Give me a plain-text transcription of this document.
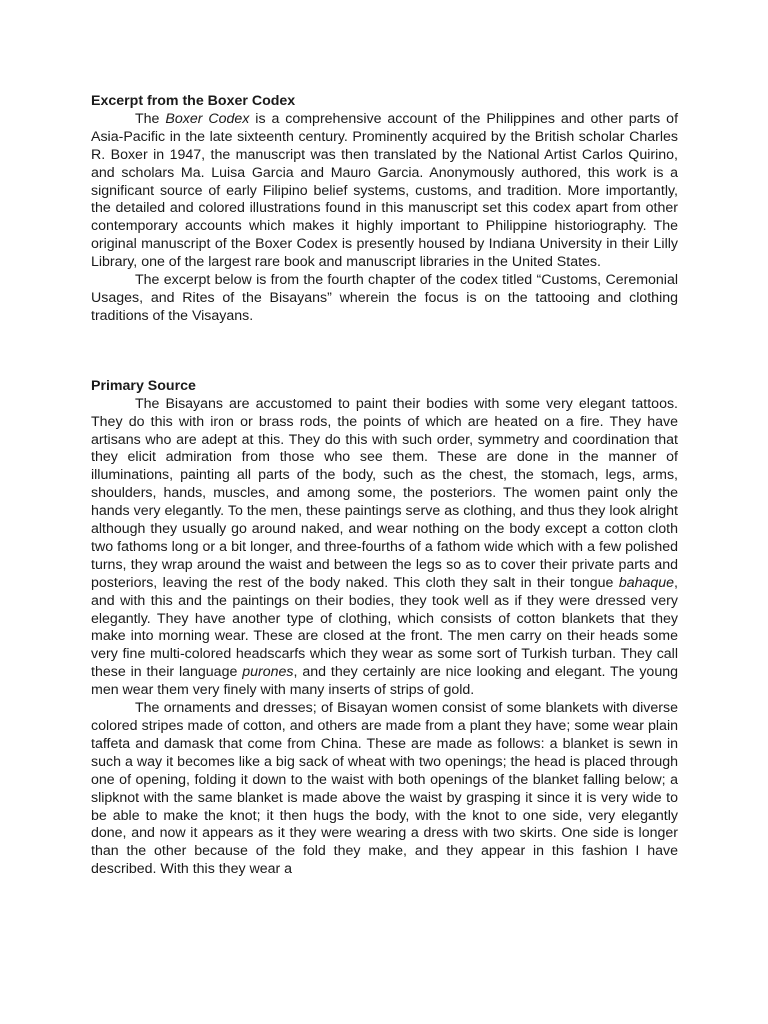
Excerpt from the Boxer Codex

The Boxer Codex is a comprehensive account of the Philippines and other parts of Asia-Pacific in the late sixteenth century. Prominently acquired by the British scholar Charles R. Boxer in 1947, the manuscript was then translated by the National Artist Carlos Quirino, and scholars Ma. Luisa Garcia and Mauro Garcia. Anonymously authored, this work is a significant source of early Filipino belief systems, customs, and tradition. More importantly, the detailed and colored illustrations found in this manuscript set this codex apart from other contemporary accounts which makes it highly important to Philippine historiography. The original manuscript of the Boxer Codex is presently housed by Indiana University in their Lilly Library, one of the largest rare book and manuscript libraries in the United States.

The excerpt below is from the fourth chapter of the codex titled “Customs, Ceremonial Usages, and Rites of the Bisayans” wherein the focus is on the tattooing and clothing traditions of the Visayans.

Primary Source

The Bisayans are accustomed to paint their bodies with some very elegant tattoos. They do this with iron or brass rods, the points of which are heated on a fire. They have artisans who are adept at this. They do this with such order, symmetry and coordination that they elicit admiration from those who see them. These are done in the manner of illuminations, painting all parts of the body, such as the chest, the stomach, legs, arms, shoulders, hands, muscles, and among some, the posteriors. The women paint only the hands very elegantly. To the men, these paintings serve as clothing, and thus they look alright although they usually go around naked, and wear nothing on the body except a cotton cloth two fathoms long or a bit longer, and three-fourths of a fathom wide which with a few polished turns, they wrap around the waist and between the legs so as to cover their private parts and posteriors, leaving the rest of the body naked. This cloth they salt in their tongue bahaque, and with this and the paintings on their bodies, they took well as if they were dressed very elegantly. They have another type of clothing, which consists of cotton blankets that they make into morning wear. These are closed at the front. The men carry on their heads some very fine multi-colored headscarfs which they wear as some sort of Turkish turban. They call these in their language purones, and they certainly are nice looking and elegant. The young men wear them very finely with many inserts of strips of gold.

The ornaments and dresses; of Bisayan women consist of some blankets with diverse colored stripes made of cotton, and others are made from a plant they have; some wear plain taffeta and damask that come from China. These are made as follows: a blanket is sewn in such a way it becomes like a big sack of wheat with two openings; the head is placed through one of opening, folding it down to the waist with both openings of the blanket falling below; a slipknot with the same blanket is made above the waist by grasping it since it is very wide to be able to make the knot; it then hugs the body, with the knot to one side, very elegantly done, and now it appears as it they were wearing a dress with two skirts. One side is longer than the other because of the fold they make, and they appear in this fashion I have described. With this they wear a
